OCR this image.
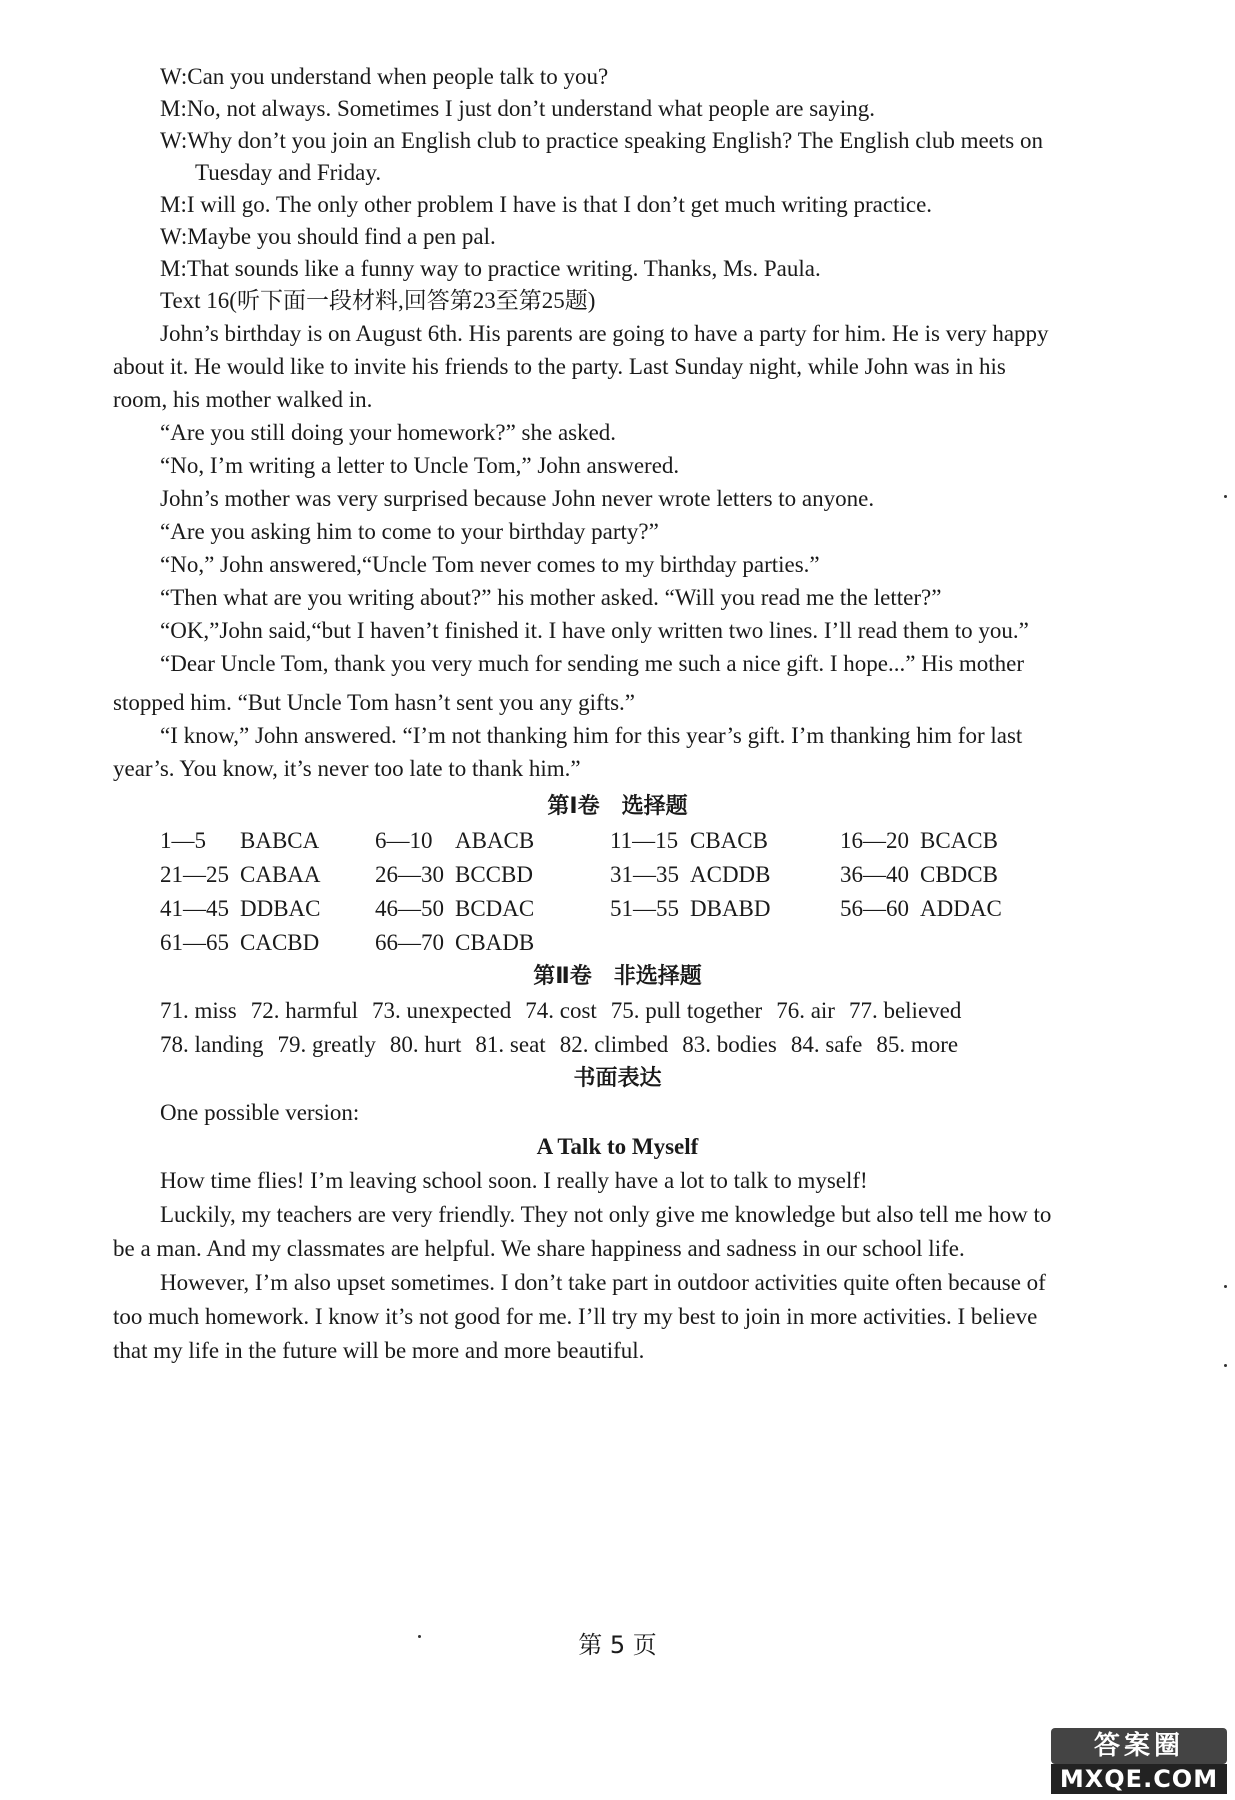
W:Can you understand when people talk to you?
M:No, not always. Sometimes I just don’t understand what people are saying.
W:Why don’t you join an English club to practice speaking English? The English club meets on
Tuesday and Friday.
M:I will go. The only other problem I have is that I don’t get much writing practice.
W:Maybe you should find a pen pal.
M:That sounds like a funny way to practice writing. Thanks, Ms. Paula.
Text 16(听下面一段材料,回答第23至第25题)
John’s birthday is on August 6th. His parents are going to have a party for him. He is very happy
about it. He would like to invite his friends to the party. Last Sunday night, while John was in his
room, his mother walked in.
“Are you still doing your homework?” she asked.
“No, I’m writing a letter to Uncle Tom,” John answered.
John’s mother was very surprised because John never wrote letters to anyone.
“Are you asking him to come to your birthday party?”
“No,” John answered,“Uncle Tom never comes to my birthday parties.”
“Then what are you writing about?” his mother asked. “Will you read me the letter?”
“OK,”John said,“but I haven’t finished it. I have only written two lines. I’ll read them to you.”
“Dear Uncle Tom, thank you very much for sending me such a nice gift. I hope...” His mother
stopped him. “But Uncle Tom hasn’t sent you any gifts.”
“I know,” John answered. “I’m not thanking him for this year’s gift. I’m thanking him for last
year’s. You know, it’s never too late to thank him.”
第Ⅰ卷　选择题
1—5 BABCA 6—10 ABACB	11—15 CBACB	16—20 BCACB
21—25 CABAA 26—30 BCCBD	31—35 ACDDB	36—40 CBDCB
41—45 DDBAC 46—50 BCDAC	51—55 DBABD	56—60 ADDAC
61—65 CACBD 66—70 CBADB
第Ⅱ卷　非选择题
71. miss 72. harmful 73. unexpected 74. cost 75. pull together 76. air 77. believed
78. landing 79. greatly 80. hurt 81. seat 82. climbed 83. bodies 84. safe 85. more
书面表达
One possible version:
A Talk to Myself
How time flies! I’m leaving school soon. I really have a lot to talk to myself!
Luckily, my teachers are very friendly. They not only give me knowledge but also tell me how to
be a man. And my classmates are helpful. We share happiness and sadness in our school life.
However, I’m also upset sometimes. I don’t take part in outdoor activities quite often because of
too much homework. I know it’s not good for me. I’ll try my best to join in more activities. I believe
that my life in the future will be more and more beautiful.
第 5 页
答案圈
MXQE.COM
